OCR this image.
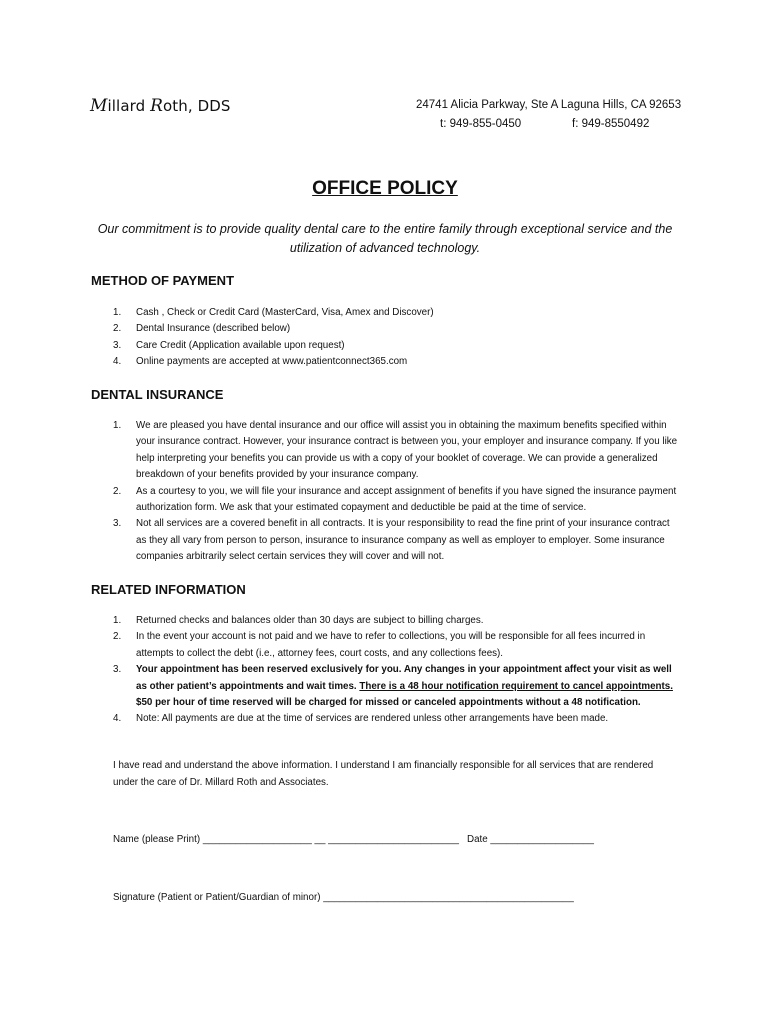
Millard Roth, DDS	24741 Alicia Parkway, Ste A Laguna Hills, CA 92653
t: 949-855-0450	f: 949-8550492
OFFICE POLICY
Our commitment is to provide quality dental care to the entire family through exceptional service and the utilization of advanced technology.
METHOD OF PAYMENT
1. Cash , Check or Credit Card (MasterCard, Visa, Amex and Discover)
2. Dental Insurance (described below)
3. Care Credit (Application available upon request)
4. Online payments are accepted at www.patientconnect365.com
DENTAL INSURANCE
1. We are pleased you have dental insurance and our office will assist you in obtaining the maximum benefits specified within your insurance contract. However, your insurance contract is between you, your employer and insurance company. If you like help interpreting your benefits you can provide us with a copy of your booklet of coverage. We can provide a generalized breakdown of your benefits provided by your insurance company.
2. As a courtesy to you, we will file your insurance and accept assignment of benefits if you have signed the insurance payment authorization form. We ask that your estimated copayment and deductible be paid at the time of service.
3. Not all services are a covered benefit in all contracts. It is your responsibility to read the fine print of your insurance contract as they all vary from person to person, insurance to insurance company as well as employer to employer. Some insurance companies arbitrarily select certain services they will cover and will not.
RELATED INFORMATION
1. Returned checks and balances older than 30 days are subject to billing charges.
2. In the event your account is not paid and we have to refer to collections, you will be responsible for all fees incurred in attempts to collect the debt (i.e., attorney fees, court costs, and any collections fees).
3. Your appointment has been reserved exclusively for you. Any changes in your appointment affect your visit as well as other patient’s appointments and wait times. There is a 48 hour notification requirement to cancel appointments. $50 per hour of time reserved will be charged for missed or canceled appointments without a 48 notification.
4. Note: All payments are due at the time of services are rendered unless other arrangements have been made.
I have read and understand the above information. I understand I am financially responsible for all services that are rendered under the care of Dr. Millard Roth and Associates.
Name (please Print) ____________________ __ ________________________ Date ___________________
Signature (Patient or Patient/Guardian of minor) ______________________________________________
